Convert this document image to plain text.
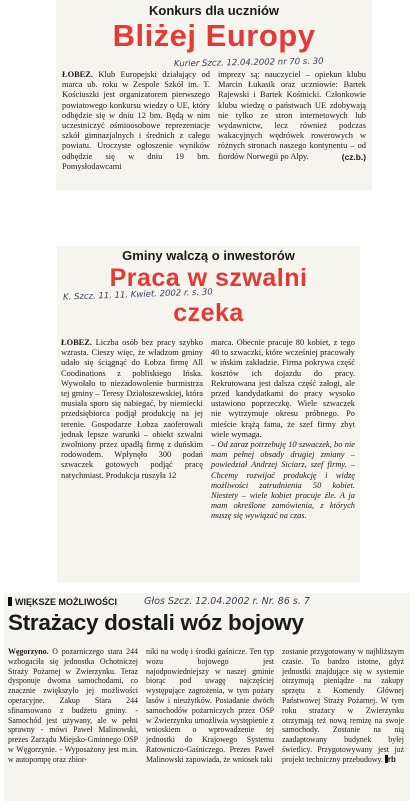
Konkurs dla uczniów
Bliżej Europy
Kurier Szcz. 12.04.2002 nr 70 s. 30

ŁOBEZ. Klub Europejski działający od marca ub. roku w Zespole Szkół im. T. Kościuszki jest organizatorem pierwszego powiatowego konkursu wiedzy o UE, który odbędzie się w dniu 12 bm. Będą w nim uczestniczyć ośmioosobowe reprezentacje szkół gimnazjalnych i średnich z całego powiatu. Uroczyste ogłoszenie wyników odbędzie się w dniu 19 bm. Pomysłodawcami

imprezy są: nauczyciel – opiekun klubu Marcin Łukasik oraz uczniowie: Bartek Rajewski i Bartek Kośmicki. Członkowie klubu wiedzę o państwach UE zdobywają nie tylko ze stron internetowych lub wydawnictw, lecz również podczas wakacyjnych wędrówek rowerowych w różnych stronach naszego kontynentu – od fiordów Norwegii po Alpy.	(cz.b.)

Gminy walczą o inwestorów
Praca w szwalni
czeka
K. Szcz. 11. 11. Kwiet. 2002 r. s. 30

ŁOBEZ. Liczba osób bez pracy szybko wzrasta. Cieszy więc, że władzom gminy udało się ściągnąć do Łobza firmę All Coodinations z pobliskiego Ińska. Wywołało to niezadowolenie burmistrza tej gminy – Teresy Działoszewskiej, która musiała sporo się nabiegać, by niemiecki przedsiębiorca podjął produkcję na jej terenie. Gospodarze Łobza zaoferowali jednak lepsze warunki – obiekt szwalni zwolniony przez upadłą firmę z duńskim rodowodem. Wpłynęło 300 podań szwaczek gotowych podjąć pracę natychmiast. Produkcja ruszyła 12

marca. Obecnie pracuje 80 kobiet, z tego 40 to szwaczki, które wcześniej pracowały w ińskim zakładzie. Firma pokrywa część kosztów ich dojazdu do pracy. Rekrutowana jest dalsza część załogi, ale przed kandydatkami do pracy wysoko ustawiono poprzeczkę. Wiele szwaczek nie wytrzymuje okresu próbnego. Po mieście krążą fama, że szef firmy zbyt wiele wymaga.
– Od zaraz potrzebuję 10 szwaczek, bo nie mam pełnej obsady drugiej zmiany – powiedział Andrzej Siciarz, szef firmy. – Chcemy rozwijać produkcję i widzę możliwości zatrudnienia 50 kobiet. Niestety – wiele kobiet pracuje źle. A ja mam określone zamówienia, z których muszę się wywiązać na czas.
WIĘKSZE MOŻLIWOŚCI	Głos Szcz. 12.04.2002 r. Nr. 86 s. 7
Strażacy dostali wóz bojowy

Węgorzyno. O pozarniczego stara 244 wzbogaciła się jednostka Ochotniczej Straży Pożarnej w Zwierzynku. Teraz dysponuje dwoma samochodami, co znacznie zwiększyło jej możliwości operacyjne. Zakup Stara 244 sfinansowano z budżetu gminy. - Samochód jest używany, ale w pełni sprawny - mówi Paweł Malinowski, prezes Zarządu Miejsko-Gminnego OSP w Węgorzynie. - Wyposażony jest m.in. w autopompę oraz zbior-

niki na wodę i środki gaśnicze. Ten typ wozu bojowego jest najodpowiedniejszy w naszej gminie biorąc pod uwagę najczęściej występujące zagrożenia, w tym pożary lasów i nieużytków. Posiadanie dwóch samochodów pożarniczych przez OSP w Zwierzynku umożliwia występienie z wnioskiem o wprowadzenie tej jednostki do Krajowego Systemu Ratowniczo-Gaśniczego. Prezes Paweł Malinowski zapowiada, że wniosek taki

zostanie przygotowany w najbliższym czasie. To bardzo istotne, gdyż jednostki znajdujące się w systemie otrzymują pieniądze na zakupy sprzętu z Komendy Głównej Państwowej Straży Pożarnej. W tym roku strażacy w Zwierzynku otrzymają też nową remizę na swoje samochody. Zostanie na nią zaadaptowany budynek byłej świetlicy. Przygotowywany jest już projekt techniczny przebudowy. rb
